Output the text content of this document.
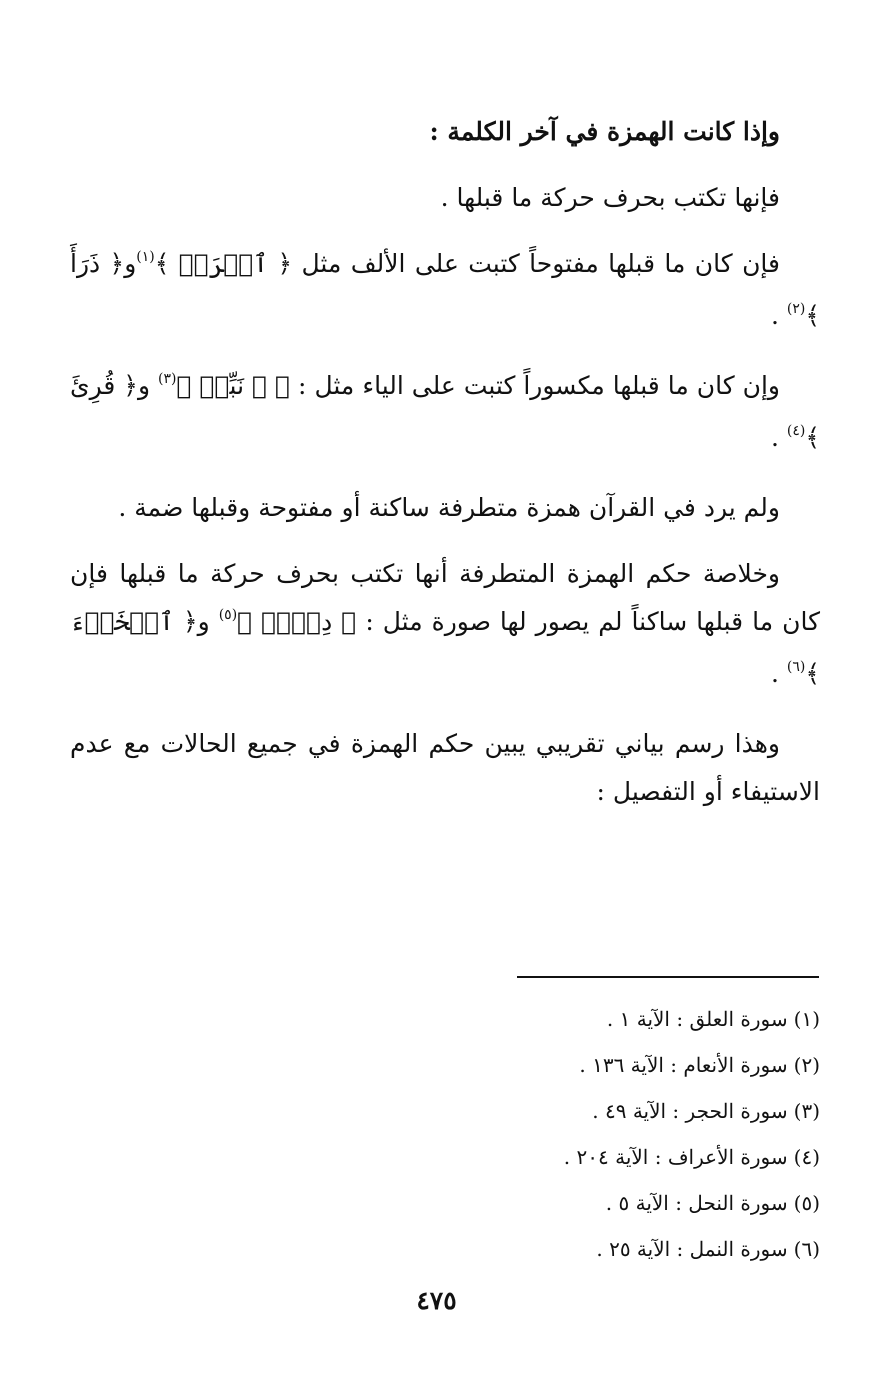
وإذا كانت الهمزة في آخر الكلمة :

فإنها تكتب بحرف حركة ما قبلها .

فإن كان ما قبلها مفتوحاً كتبت على الألف مثل ﴿ ٱقۡرَأۡ ﴾$^{(١)}$و﴿ ذَرَأَ ﴾$^{(٢)}$ .

وإن كان ما قبلها مكسوراً كتبت على الياء مثل : ﴿ ۞ نَبِّئۡ ﴾$^{(٣)}$ و﴿ قُرِئَ ﴾$^{(٤)}$ .

ولم يرد في القرآن همزة متطرفة ساكنة أو مفتوحة وقبلها ضمة .

وخلاصة حكم الهمزة المتطرفة أنها تكتب بحرف حركة ما قبلها فإن كان ما قبلها ساكناً لم يصور لها صورة مثل : ﴿ دِفۡءٞ ﴾$^{(٥)}$ و﴿ ٱلۡخَبۡءَ ﴾$^{(٦)}$ .

وهذا رسم بياني تقريبي يبين حكم الهمزة في جميع الحالات مع عدم الاستيفاء أو التفصيل :

(١)سورة العلق : الآية ١ .
(٢)سورة الأنعام : الآية ١٣٦ .
(٣)سورة الحجر : الآية ٤٩ .
(٤)سورة الأعراف : الآية ٢٠٤ .
(٥)سورة النحل : الآية ٥ .
(٦)سورة النمل : الآية ٢٥ .
٤٧٥
